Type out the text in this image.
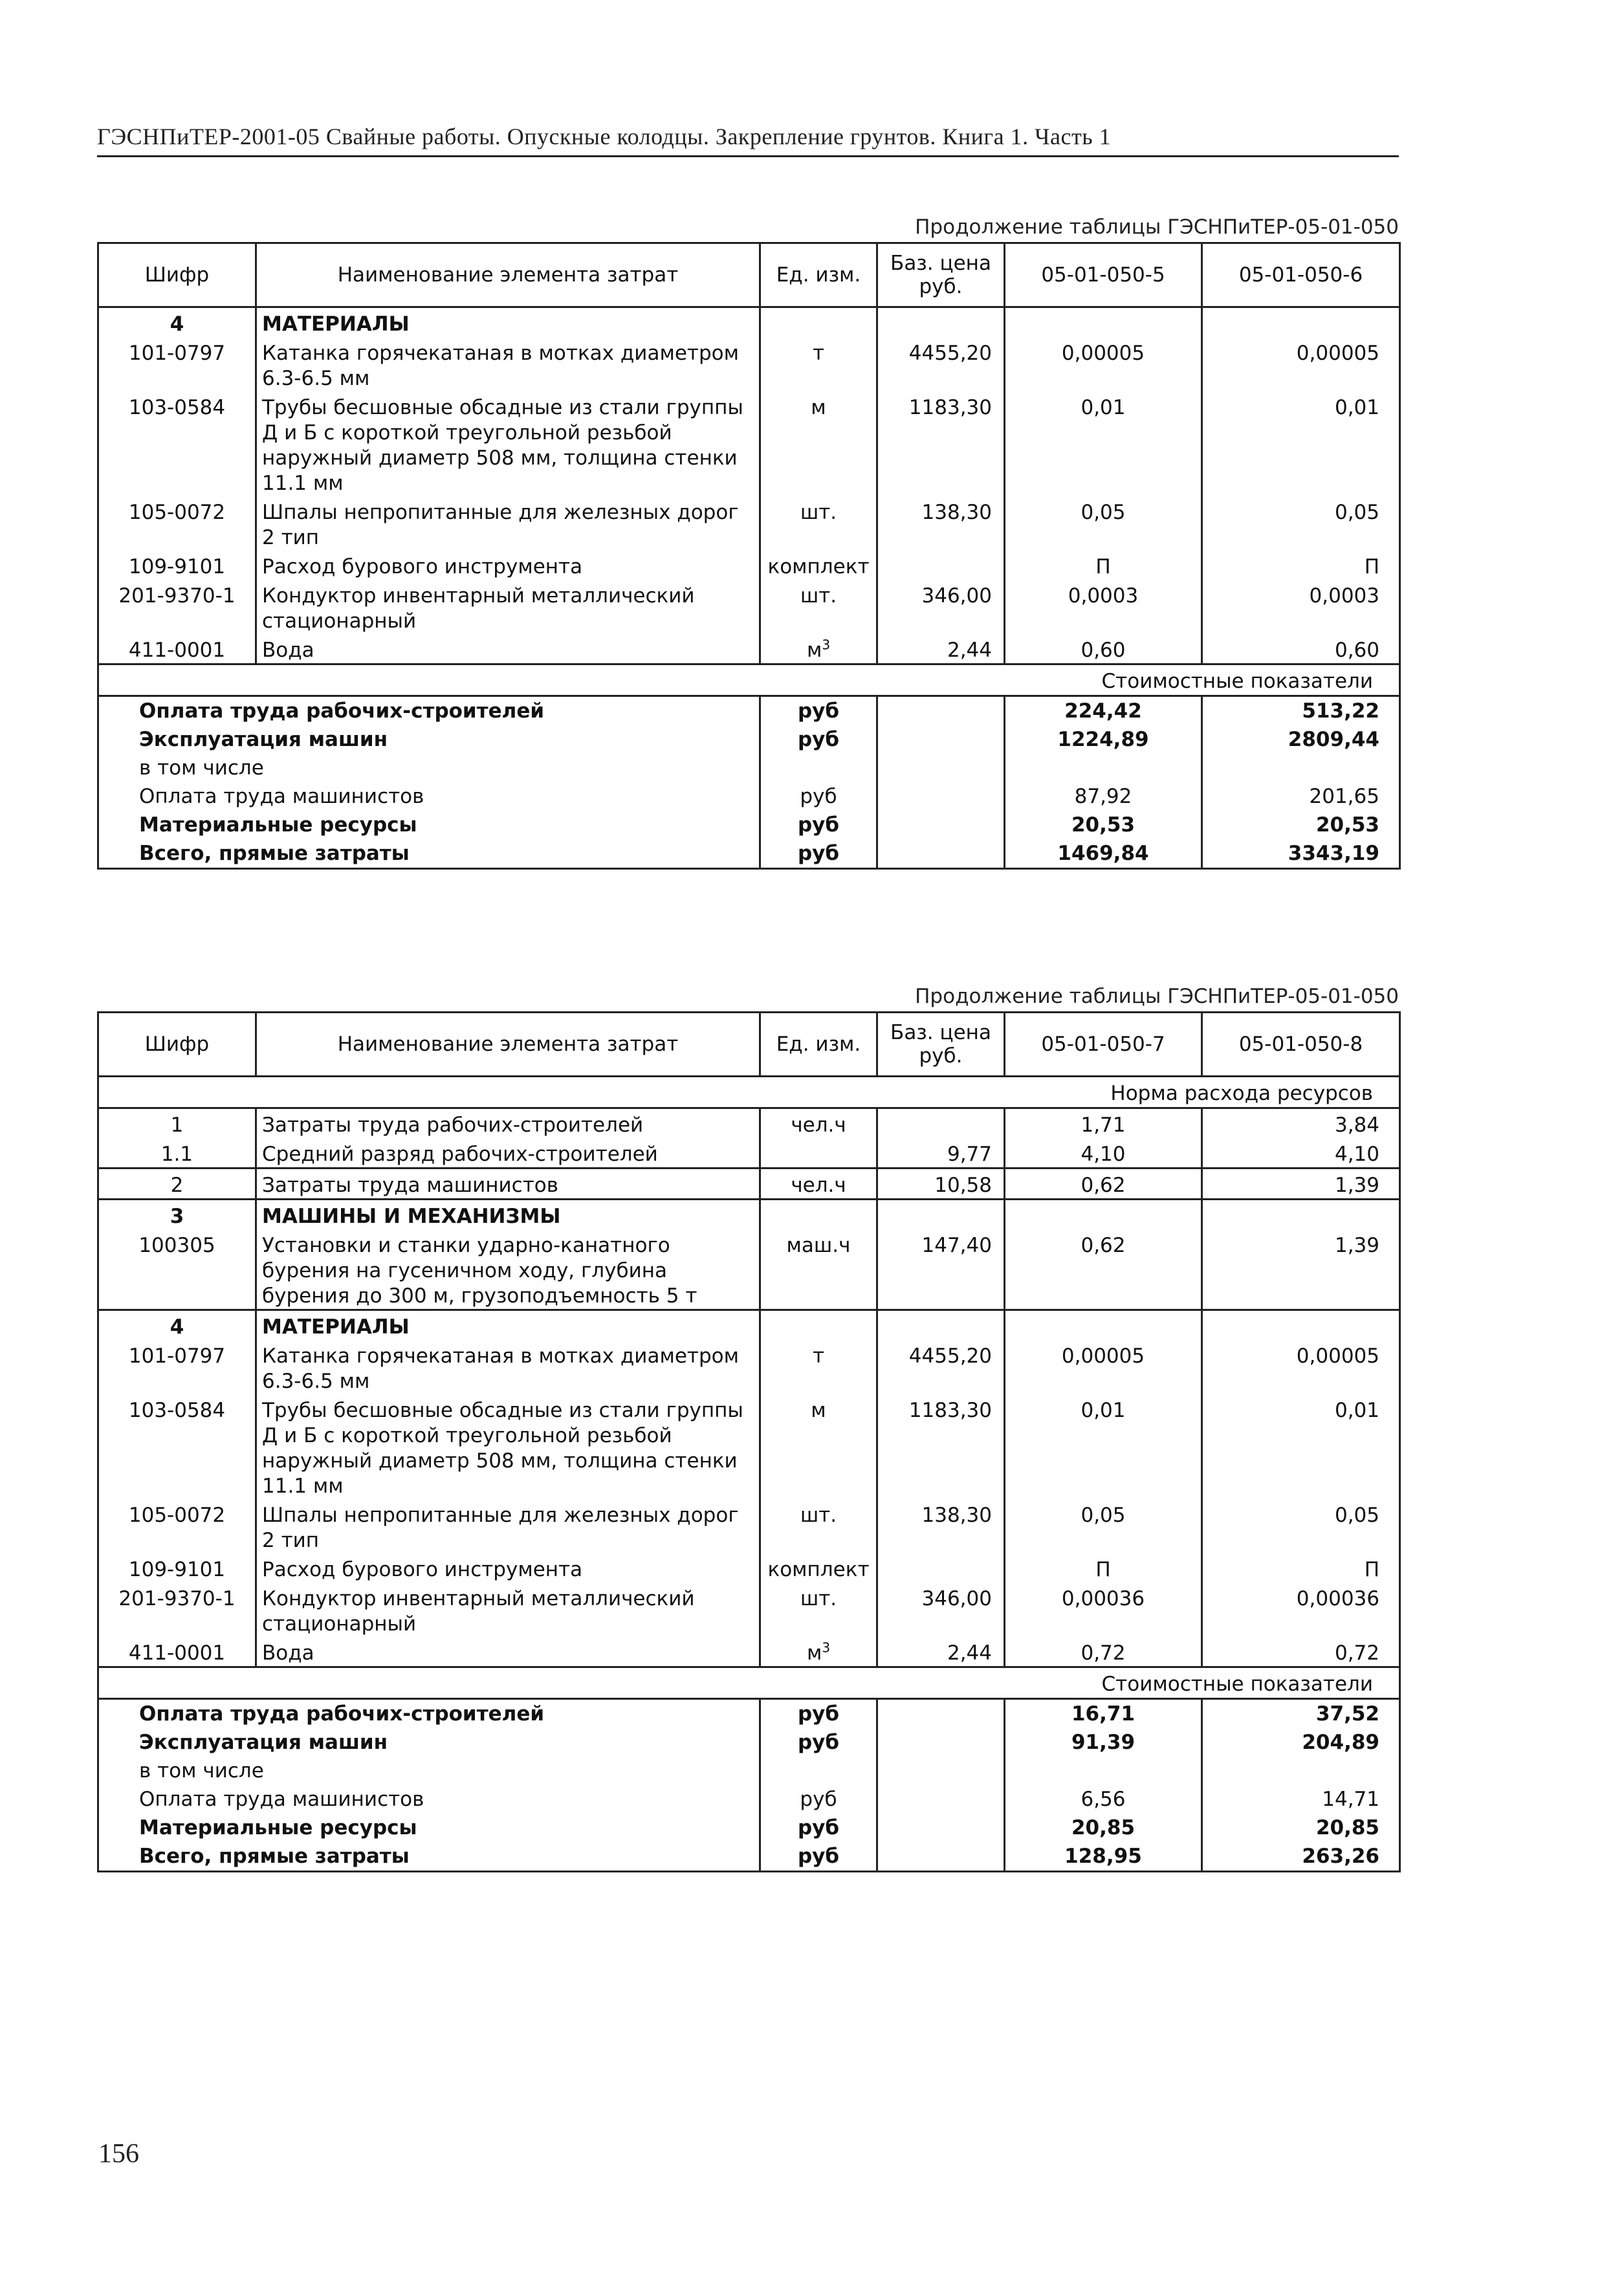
ГЭСНПиТЕР-2001-05 Свайные работы. Опускные колодцы. Закрепление грунтов. Книга 1. Часть 1
Продолжение таблицы ГЭСНПиТЕР-05-01-050
Шифр	Наименование элемента затрат	Ед. изм.	Баз. цена руб.	05-01-050-5	05-01-050-6
4	МАТЕРИАЛЫ				
101-0797	Катанка горячекатаная в мотках диаметром 6.3-6.5 мм	т	4455,20	0,00005	0,00005
103-0584	Трубы бесшовные обсадные из стали группы Д и Б с короткой треугольной резьбой наружный диаметр 508 мм, толщина стенки 11.1 мм	м	1183,30	0,01	0,01
105-0072	Шпалы непропитанные для железных дорог 2 тип	шт.	138,30	0,05	0,05
109-9101	Расход бурового инструмента	комплект		П	П
201-9370-1	Кондуктор инвентарный металлический стационарный	шт.	346,00	0,0003	0,0003
411-0001	Вода	$м^3$	2,44	0,60	0,60
				Стоимостные показатели	
Оплата труда рабочих-строителей		руб		224,42	513,22
Эксплуатация машин		руб		1224,89	2809,44
в том числе					
Оплата труда машинистов		руб		87,92	201,65
Материальные ресурсы		руб		20,53	20,53
Всего, прямые затраты		руб		1469,84	3343,19
Продолжение таблицы ГЭСНПиТЕР-05-01-050
Шифр	Наименование элемента затрат	Ед. изм.	Баз. цена руб.	05-01-050-7	05-01-050-8
				Норма расхода ресурсов	
1	Затраты труда рабочих-строителей	чел.ч		1,71	3,84
1.1	Средний разряд рабочих-строителей		9,77	4,10	4,10
2	Затраты труда машинистов	чел.ч	10,58	0,62	1,39
3	МАШИНЫ И МЕХАНИЗМЫ				
100305	Установки и станки ударно-канатного бурения на гусеничном ходу, глубина бурения до 300 м, грузоподъемность 5 т	маш.ч	147,40	0,62	1,39
4	МАТЕРИАЛЫ				
101-0797	Катанка горячекатаная в мотках диаметром 6.3-6.5 мм	т	4455,20	0,00005	0,00005
103-0584	Трубы бесшовные обсадные из стали группы Д и Б с короткой треугольной резьбой наружный диаметр 508 мм, толщина стенки 11.1 мм	м	1183,30	0,01	0,01
105-0072	Шпалы непропитанные для железных дорог 2 тип	шт.	138,30	0,05	0,05
109-9101	Расход бурового инструмента	комплект		П	П
201-9370-1	Кондуктор инвентарный металлический стационарный	шт.	346,00	0,00036	0,00036
411-0001	Вода	$м^3$	2,44	0,72	0,72
				Стоимостные показатели	
Оплата труда рабочих-строителей		руб		16,71	37,52
Эксплуатация машин		руб		91,39	204,89
в том числе					
Оплата труда машинистов		руб		6,56	14,71
Материальные ресурсы		руб		20,85	20,85
Всего, прямые затраты		руб		128,95	263,26
156
